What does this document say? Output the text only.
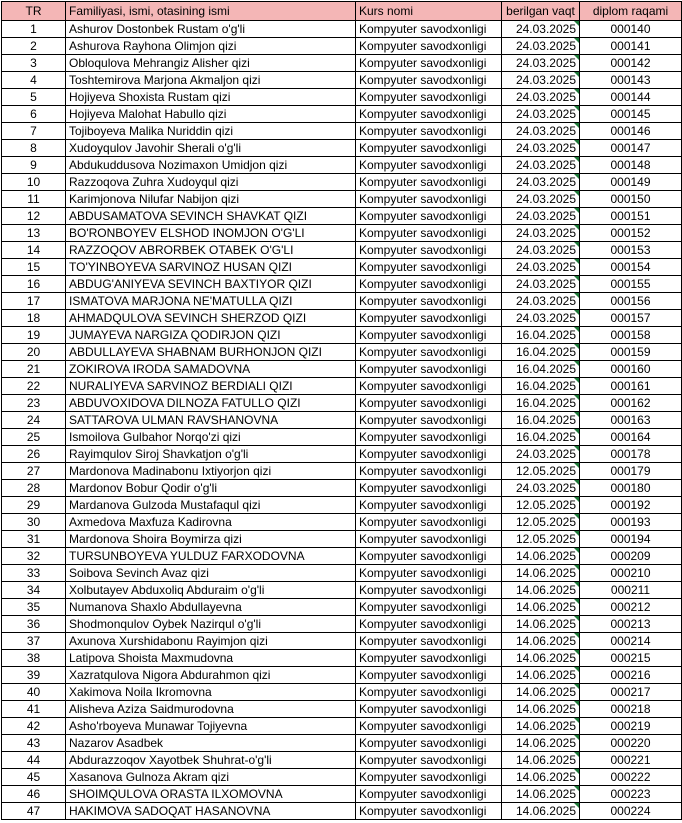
TR	Familiyasi, ismi, otasining ismi	Kurs nomi	berilgan vaqt	diplom raqami
1	Ashurov Dostonbek Rustam o'g'li	Kompyuter savodxonligi	24.03.2025	000140
2	Ashurova Rayhona Olimjon qizi	Kompyuter savodxonligi	24.03.2025	000141
3	Obloqulova Mehrangiz Alisher qizi	Kompyuter savodxonligi	24.03.2025	000142
4	Toshtemirova Marjona Akmaljon qizi	Kompyuter savodxonligi	24.03.2025	000143
5	Hojiyeva Shoxista Rustam qizi	Kompyuter savodxonligi	24.03.2025	000144
6	Hojiyeva Malohat Habullo qizi	Kompyuter savodxonligi	24.03.2025	000145
7	Tojiboyeva Malika Nuriddin qizi	Kompyuter savodxonligi	24.03.2025	000146
8	Xudoyqulov Javohir Sherali o'g'li	Kompyuter savodxonligi	24.03.2025	000147
9	Abdukuddusova Nozimaxon Umidjon qizi	Kompyuter savodxonligi	24.03.2025	000148
10	Razzoqova Zuhra Xudoyqul qizi	Kompyuter savodxonligi	24.03.2025	000149
11	Karimjonova Nilufar Nabijon qizi	Kompyuter savodxonligi	24.03.2025	000150
12	ABDUSAMATOVA SEVINCH SHAVKAT QIZI	Kompyuter savodxonligi	24.03.2025	000151
13	BO'RONBOYEV ELSHOD INOMJON O'G'LI	Kompyuter savodxonligi	24.03.2025	000152
14	RAZZOQOV ABRORBEK OTABEK O'G'LI	Kompyuter savodxonligi	24.03.2025	000153
15	TO'YINBOYEVA SARVINOZ HUSAN QIZI	Kompyuter savodxonligi	24.03.2025	000154
16	ABDUG'ANIYEVA SEVINCH BAXTIYOR QIZI	Kompyuter savodxonligi	24.03.2025	000155
17	ISMATOVA MARJONA NE'MATULLA QIZI	Kompyuter savodxonligi	24.03.2025	000156
18	AHMADQULOVA SEVINCH SHERZOD QIZI	Kompyuter savodxonligi	24.03.2025	000157
19	JUMAYEVA NARGIZA QODIRJON QIZI	Kompyuter savodxonligi	16.04.2025	000158
20	ABDULLAYEVA SHABNAM BURHONJON QIZI	Kompyuter savodxonligi	16.04.2025	000159
21	ZOKIROVA IRODA SAMADOVNA	Kompyuter savodxonligi	16.04.2025	000160
22	NURALIYEVA SARVINOZ BERDIALI QIZI	Kompyuter savodxonligi	16.04.2025	000161
23	ABDUVOXIDOVA DILNOZA FATULLO QIZI	Kompyuter savodxonligi	16.04.2025	000162
24	SATTAROVA ULMAN RAVSHANOVNA	Kompyuter savodxonligi	16.04.2025	000163
25	Ismoilova Gulbahor Norqo'zi qizi	Kompyuter savodxonligi	16.04.2025	000164
26	Rayimqulov Siroj Shavkatjon o'g'li	Kompyuter savodxonligi	24.03.2025	000178
27	Mardonova Madinabonu Ixtiyorjon qizi	Kompyuter savodxonligi	12.05.2025	000179
28	Mardonov Bobur Qodir o'g'li	Kompyuter savodxonligi	24.03.2025	000180
29	Mardanova Gulzoda Mustafaqul qizi	Kompyuter savodxonligi	12.05.2025	000192
30	Axmedova Maxfuza Kadirovna	Kompyuter savodxonligi	12.05.2025	000193
31	Mardonova Shoira Boymirza qizi	Kompyuter savodxonligi	12.05.2025	000194
32	TURSUNBOYEVA YULDUZ FARXODOVNA	Kompyuter savodxonligi	14.06.2025	000209
33	Soibova Sevinch Avaz qizi	Kompyuter savodxonligi	14.06.2025	000210
34	Xolbutayev Abduxoliq Abduraim o'g'li	Kompyuter savodxonligi	14.06.2025	000211
35	Numanova Shaxlo Abdullayevna	Kompyuter savodxonligi	14.06.2025	000212
36	Shodmonqulov Oybek Nazirqul o'g'li	Kompyuter savodxonligi	14.06.2025	000213
37	Axunova Xurshidabonu Rayimjon qizi	Kompyuter savodxonligi	14.06.2025	000214
38	Latipova Shoista Maxmudovna	Kompyuter savodxonligi	14.06.2025	000215
39	Xazratqulova Nigora Abdurahmon qizi	Kompyuter savodxonligi	14.06.2025	000216
40	Xakimova Noila Ikromovna	Kompyuter savodxonligi	14.06.2025	000217
41	Alisheva Aziza Saidmurodovna	Kompyuter savodxonligi	14.06.2025	000218
42	Asho'rboyeva Munawar Tojiyevna	Kompyuter savodxonligi	14.06.2025	000219
43	Nazarov Asadbek	Kompyuter savodxonligi	14.06.2025	000220
44	Abdurazzoqov Xayotbek Shuhrat-o'g'li	Kompyuter savodxonligi	14.06.2025	000221
45	Xasanova Gulnoza Akram qizi	Kompyuter savodxonligi	14.06.2025	000222
46	SHOIMQULOVA ORASTA ILXOMOVNA	Kompyuter savodxonligi	14.06.2025	000223
47	HAKIMOVA SADOQAT HASANOVNA	Kompyuter savodxonligi	14.06.2025	000224
